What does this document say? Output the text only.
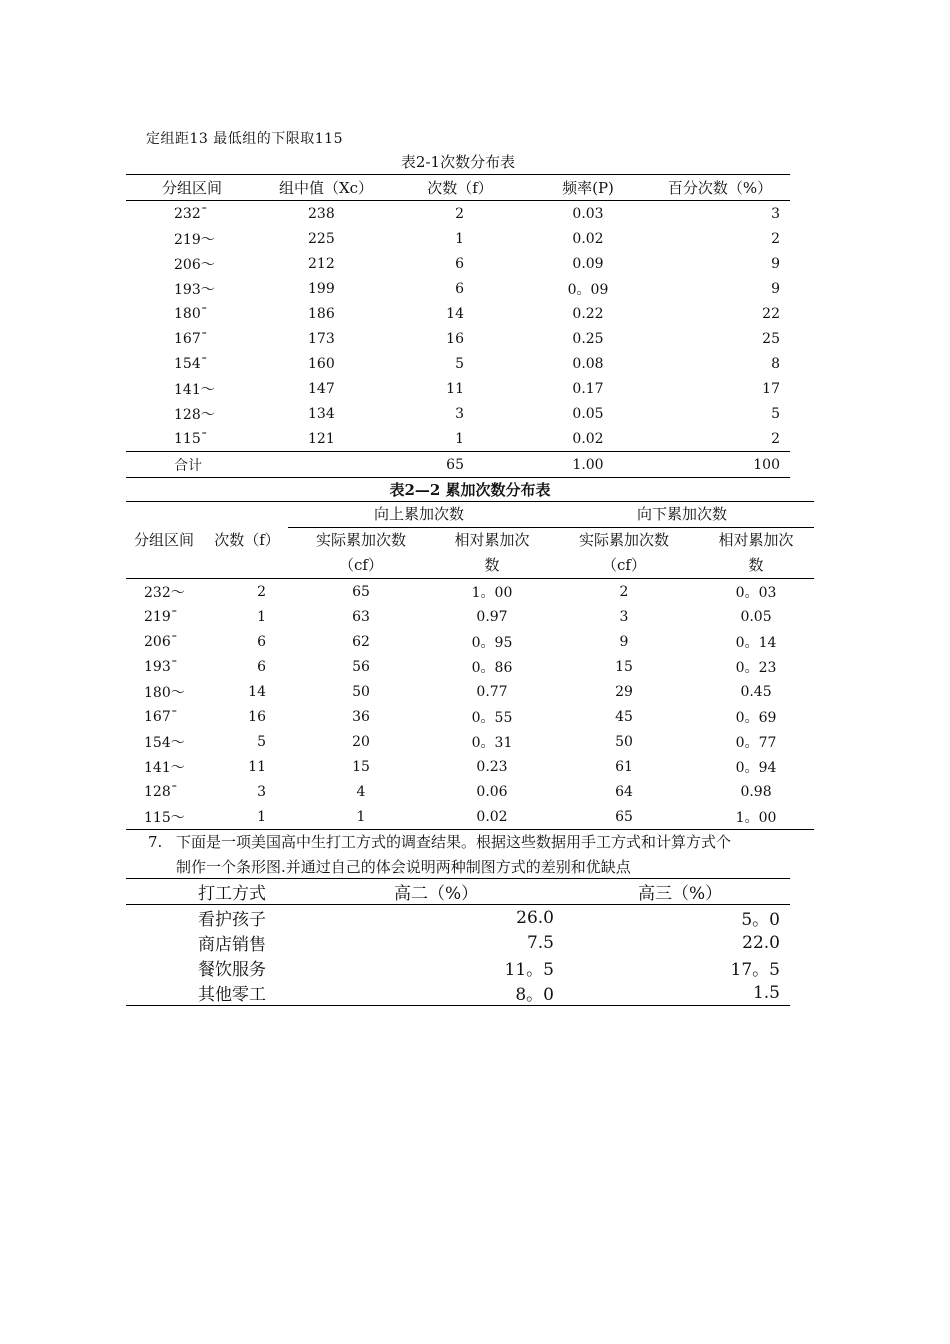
定组距13 最低组的下限取115
表2-1次数分布表
分组区间	组中值（Xc）	次数（f）	频率(P)	百分次数（%）
232¯	238	2	0.03	3
219～	225	1	0.02	2
206～	212	6	0.09	9
193～	199	6	0。09	9
180¯	186	14	0.22	22
167¯	173	16	0.25	25
154¯	160	5	0.08	8
141～	147	11	0.17	17
128～	134	3	0.05	5
115¯	121	1	0.02	2
合计		65	1.00	100
表2—2 累加次数分布表
分组区间	次数（f）	向上累加次数		向下累加次数	
		实际累加次数（cf）	相对累加次数	实际累加次数（cf）	相对累加次数

232～	2	65	1。00	2	0。03
219¯	1	63	0.97	3	0.05
206¯	6	62	0。95	9	0。14
193¯	6	56	0。86	15	0。23
180～	14	50	0.77	29	0.45
167¯	16	36	0。55	45	0。69
154～	5	20	0。31	50	0。77
141～	11	15	0.23	61	0。94
128¯	3	4	0.06	64	0.98
115～	1	1	0.02	65	1。00
7. 下面是一项美国高中生打工方式的调查结果。根据这些数据用手工方式和计算方式个
制作一个条形图.并通过自己的体会说明两种制图方式的差别和优缺点
打工方式	高二（%）	高三（%）
看护孩子	26.0	5。0
商店销售	7.5	22.0
餐饮服务	11。5	17。5
其他零工	8。0	1.5
